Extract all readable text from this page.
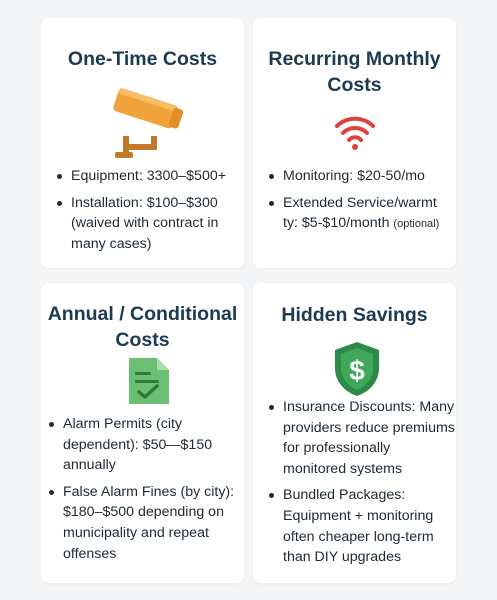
One-Time Costs
Equipment: 3300–$500+
Installation: $100–$300 (waived with contract in many cases)
Recurring Monthly Costs
Monitoring: $20-50/mo
Extended Service/warmt ty: $5-$10/month (optional)
Annual / Conditional Costs
Alarm Permits (city dependent): $50—$150 annually
False Alarm Fines (by city): $180–$500 depending on municipality and repeat offenses
Hidden Savings
$
Insurance Discounts: Many providers reduce premiums for professionally monitored systems
Bundled Packages: Equipment + monitoring often cheaper long-term than DIY upgrades
